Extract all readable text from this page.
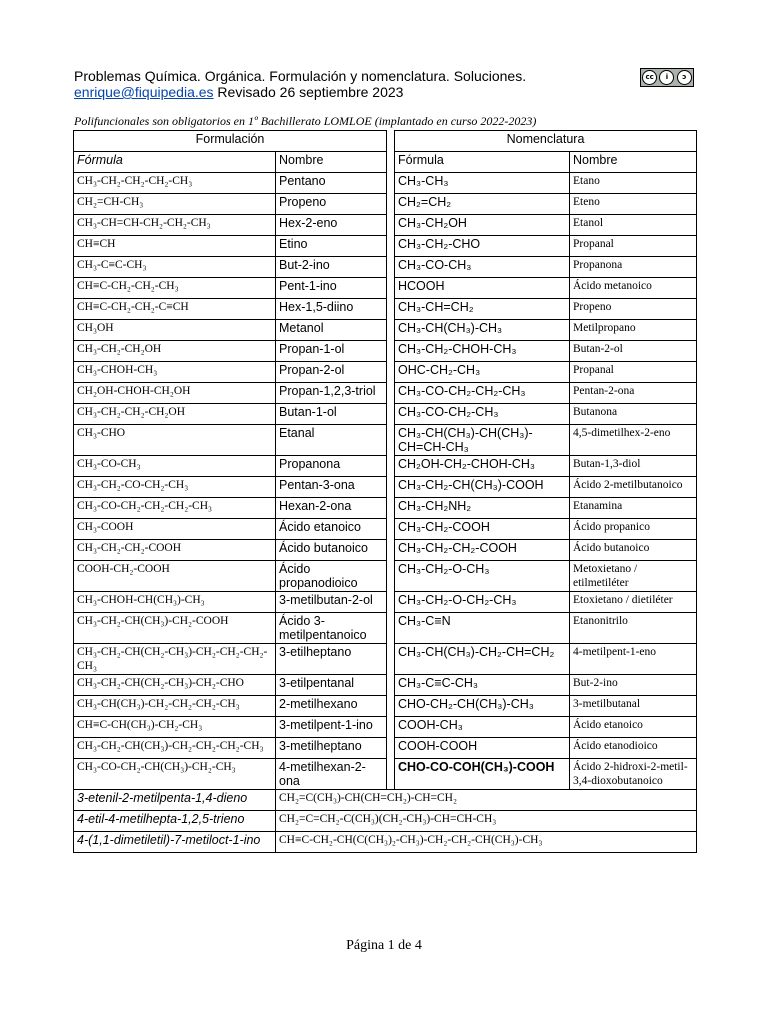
Problemas Química. Orgánica. Formulación y nomenclatura. Soluciones.
enrique@fiquipedia.es Revisado 26 septiembre 2023
cc	i	ↄ
Polifuncionales son obligatorios en 1º Bachillerato LOMLOE (implantado en curso 2022-2023)
Formulación			Nomenclatura	
Fórmula	Nombre		Fórmula	Nombre
CH₃-CH₂-CH₂-CH₂-CH₃	Pentano		CH₃-CH₃	Etano
CH₂=CH-CH₃	Propeno		CH₂=CH₂	Eteno
CH₃-CH=CH-CH₂-CH₂-CH₃	Hex-2-eno		CH₃-CH₂OH	Etanol
CH≡CH	Etino		CH₃-CH₂-CHO	Propanal
CH₃-C≡C-CH₃	But-2-ino		CH₃-CO-CH₃	Propanona
CH≡C-CH₂-CH₂-CH₃	Pent-1-ino		HCOOH	Ácido metanoico
CH≡C-CH₂-CH₂-C≡CH	Hex-1,5-diino		CH₃-CH=CH₂	Propeno
CH₃OH	Metanol		CH₃-CH(CH₃)-CH₃	Metilpropano
CH₃-CH₂-CH₂OH	Propan-1-ol		CH₃-CH₂-CHOH-CH₃	Butan-2-ol
CH₃-CHOH-CH₃	Propan-2-ol		OHC-CH₂-CH₃	Propanal
CH₂OH-CHOH-CH₂OH	Propan-1,2,3-triol		CH₃-CO-CH₂-CH₂-CH₃	Pentan-2-ona
CH₃-CH₂-CH₂-CH₂OH	Butan-1-ol		CH₃-CO-CH₂-CH₃	Butanona
CH₃-CHO	Etanal		CH₃-CH(CH₃)-CH(CH₃)-CH=CH-CH₃	4,5-dimetilhex-2-eno
CH₃-CO-CH₃	Propanona		CH₂OH-CH₂-CHOH-CH₃	Butan-1,3-diol
CH₃-CH₂-CO-CH₂-CH₃	Pentan-3-ona		CH₃-CH₂-CH(CH₃)-COOH	Ácido 2-metilbutanoico
CH₃-CO-CH₂-CH₂-CH₂-CH₃	Hexan-2-ona		CH₃-CH₂NH₂	Etanamina
CH₃-COOH	Ácido etanoico		CH₃-CH₂-COOH	Ácido propanico
CH₃-CH₂-CH₂-COOH	Ácido butanoico		CH₃-CH₂-CH₂-COOH	Ácido butanoico
COOH-CH₂-COOH	Ácido propanodioico		CH₃-CH₂-O-CH₃	Metoxietano / etilmetiléter
CH₃-CHOH-CH(CH₃)-CH₃	3-metilbutan-2-ol		CH₃-CH₂-O-CH₂-CH₃	Etoxietano / dietiléter
CH₃-CH₂-CH(CH₃)-CH₂-COOH	Ácido 3-metilpentanoico		CH₃-C≡N	Etanonitrilo
CH₃-CH₂-CH(CH₂-CH₃)-CH₂-CH₂-CH₂-CH₃	3-etilheptano		CH₃-CH(CH₃)-CH₂-CH=CH₂	4-metilpent-1-eno
CH₃-CH₂-CH(CH₂-CH₃)-CH₂-CHO	3-etilpentanal		CH₃-C≡C-CH₃	But-2-ino
CH₃-CH(CH₃)-CH₂-CH₂-CH₂-CH₃	2-metilhexano		CHO-CH₂-CH(CH₃)-CH₃	3-metilbutanal
CH≡C-CH(CH₃)-CH₂-CH₃	3-metilpent-1-ino		COOH-CH₃	Ácido etanoico
CH₃-CH₂-CH(CH₃)-CH₂-CH₂-CH₂-CH₃	3-metilheptano		COOH-COOH	Ácido etanodioico
CH₃-CO-CH₂-CH(CH₃)-CH₂-CH₃	4-metilhexan-2-ona		CHO-CO-COH(CH₃)-COOH	Ácido 2-hidroxi-2-metil-3,4-dioxobutanoico
3-etenil-2-metilpenta-1,4-dieno	CH₂=C(CH₃)-CH(CH=CH₂)-CH=CH₂			
4-etil-4-metilhepta-1,2,5-trieno	CH₂=C=CH₂-C(CH₃)(CH₂-CH₃)-CH=CH-CH₃			
4-(1,1-dimetiletil)-7-metiloct-1-ino	CH≡C-CH₂-CH(C(CH₃)₂-CH₃)-CH₂-CH₂-CH(CH₃)-CH₃			
Página 1 de 4
